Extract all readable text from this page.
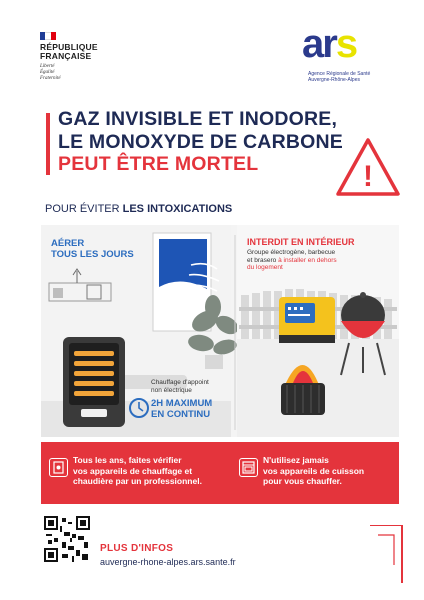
RÉPUBLIQUE
FRANÇAISE
Liberté
Égalité
Fraternité
ars
Agence Régionale de Santé
Auvergne-Rhône-Alpes
GAZ INVISIBLE ET INODORE,
LE MONOXYDE DE CARBONE
PEUT ÊTRE MORTEL	!
POUR ÉVITER LES INTOXICATIONS
AÉRER
TOUS LES JOURS
INTERDIT EN INTÉRIEUR
Groupe électrogène, barbecue
et brasero à installer en dehors
du logement
Chauffage d'appoint
non électrique
2H MAXIMUM
EN CONTINU
Tous les ans, faites vérifier
vos appareils de chauffage et
chaudière par un professionnel.
N'utilisez jamais
vos appareils de cuisson
pour vous chauffer.
PLUS D'INFOS
auvergne-rhone-alpes.ars.sante.fr
